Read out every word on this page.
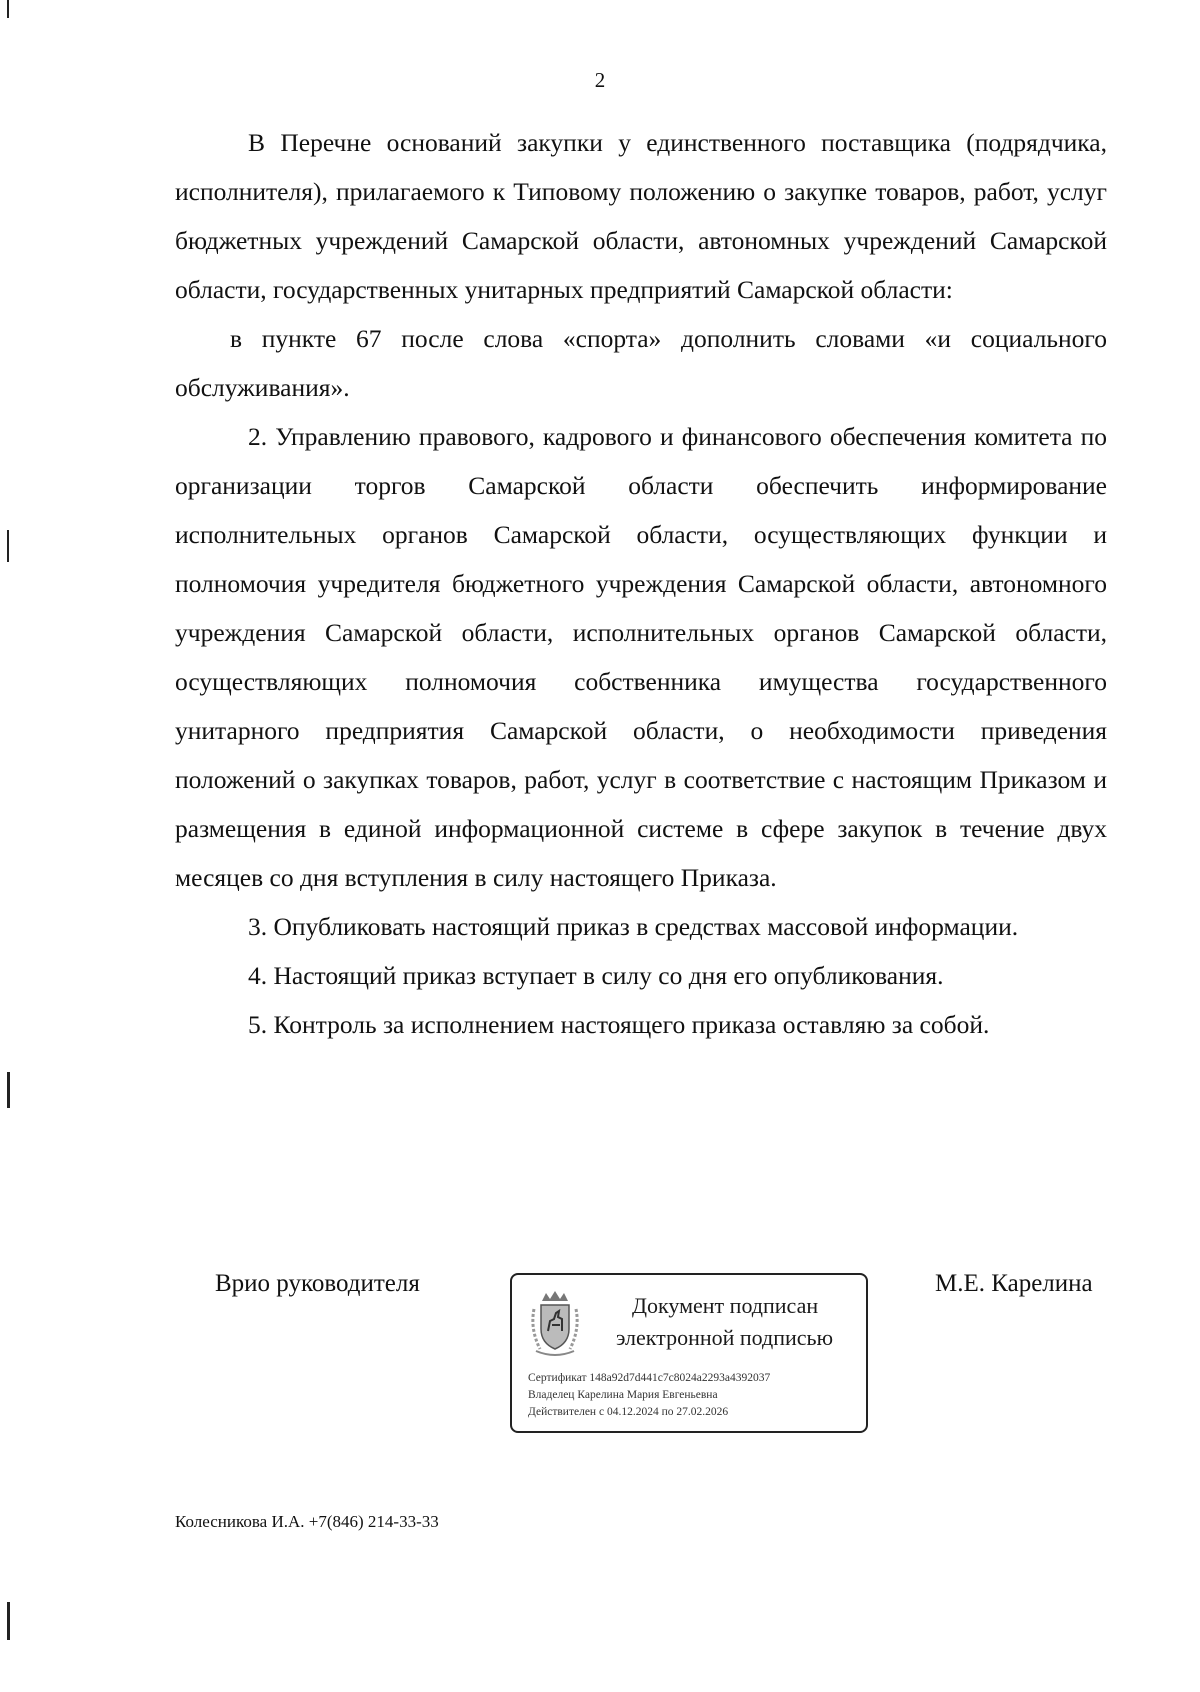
2

В Перечне оснований закупки у единственного поставщика (подрядчика, исполнителя), прилагаемого к Типовому положению о закупке товаров, работ, услуг бюджетных учреждений Самарской области, автономных учреждений Самарской области, государственных унитарных предприятий Самарской области:

в пункте 67 после слова «спорта» дополнить словами «и социального обслуживания».

2. Управлению правового, кадрового и финансового обеспечения комитета по организации торгов Самарской области обеспечить информирование исполнительных органов Самарской области, осуществляющих функции и полномочия учредителя бюджетного учреждения Самарской области, автономного учреждения Самарской области, исполнительных органов Самарской области, осуществляющих полномочия собственника имущества государственного унитарного предприятия Самарской области, о необходимости приведения положений о закупках товаров, работ, услуг в соответствие с настоящим Приказом и размещения в единой информационной системе в сфере закупок в течение двух месяцев со дня вступления в силу настоящего Приказа.

3. Опубликовать настоящий приказ в средствах массовой информации.

4. Настоящий приказ вступает в силу со дня его опубликования.

5. Контроль за исполнением настоящего приказа оставляю за собой.

Врио руководителя
Документ подписан
электронной подписью
Сертификат 148a92d7d441c7c8024a2293a4392037
Владелец Карелина Мария Евгеньевна
Действителен с 04.12.2024 по 27.02.2026
М.Е. Карелина
Колесникова И.А. +7(846) 214-33-33
